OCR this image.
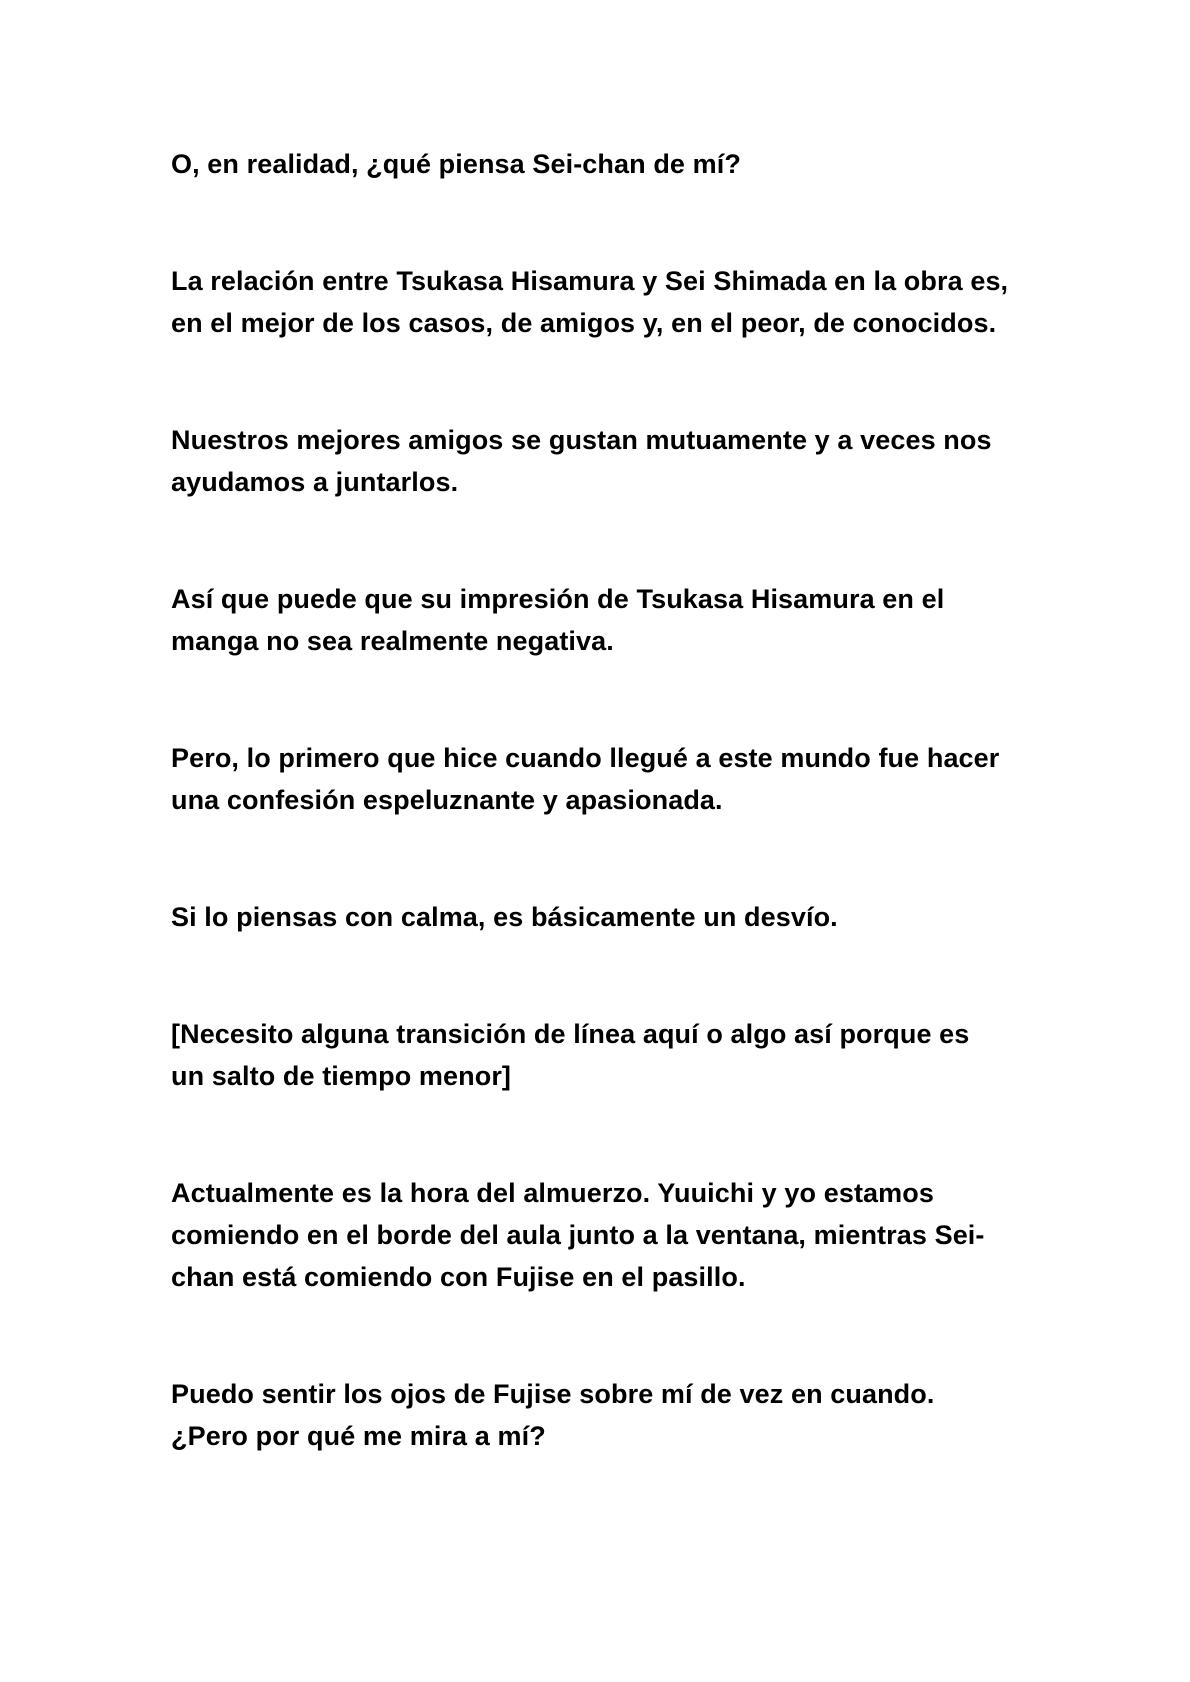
O, en realidad, ¿qué piensa Sei-chan de mí?

La relación entre Tsukasa Hisamura y Sei Shimada en la obra es,
en el mejor de los casos, de amigos y, en el peor, de conocidos.

Nuestros mejores amigos se gustan mutuamente y a veces nos
ayudamos a juntarlos.

Así que puede que su impresión de Tsukasa Hisamura en el
manga no sea realmente negativa.

Pero, lo primero que hice cuando llegué a este mundo fue hacer
una confesión espeluznante y apasionada.

Si lo piensas con calma, es básicamente un desvío.

[Necesito alguna transición de línea aquí o algo así porque es
un salto de tiempo menor]

Actualmente es la hora del almuerzo. Yuuichi y yo estamos
comiendo en el borde del aula junto a la ventana, mientras Sei-
chan está comiendo con Fujise en el pasillo.

Puedo sentir los ojos de Fujise sobre mí de vez en cuando.
¿Pero por qué me mira a mí?
